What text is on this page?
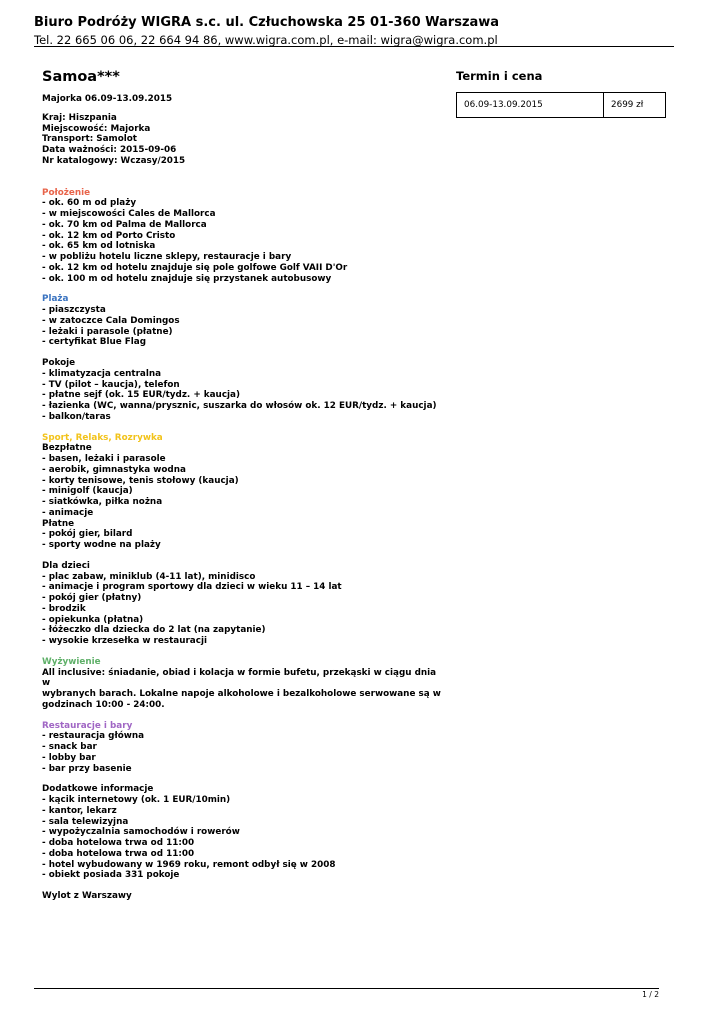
Biuro Podróży WIGRA s.c. ul. Człuchowska 25 01-360 Warszawa
Tel. 22 665 06 06, 22 664 94 86, www.wigra.com.pl, e-mail: wigra@wigra.com.pl
Samoa***

Majorka 06.09-13.09.2015

Kraj: Hiszpania

Miejscowość: Majorka

Transport: Samolot

Data ważności: 2015-09-06

Nr katalogowy: Wczasy/2015

Położenie

- ok. 60 m od plaży

- w miejscowości Cales de Mallorca

- ok. 70 km od Palma de Mallorca

- ok. 12 km od Porto Cristo

- ok. 65 km od lotniska

- w pobliżu hotelu liczne sklepy, restauracje i bary

- ok. 12 km od hotelu znajduje się pole golfowe Golf VAII D'Or

- ok. 100 m od hotelu znajduje się przystanek autobusowy

Plaża

- piaszczysta

- w zatoczce Cala Domingos

- leżaki i parasole (płatne)

- certyfikat Blue Flag

Pokoje

- klimatyzacja centralna

- TV (pilot – kaucja), telefon

- płatne sejf (ok. 15 EUR/tydz. + kaucja)

- łazienka (WC, wanna/prysznic, suszarka do włosów ok. 12 EUR/tydz. + kaucja)

- balkon/taras

Sport, Relaks, Rozrywka

Bezpłatne

- basen, leżaki i parasole

- aerobik, gimnastyka wodna

- korty tenisowe, tenis stołowy (kaucja)

- minigolf (kaucja)

- siatkówka, piłka nożna

- animacje

Płatne

- pokój gier, bilard

- sporty wodne na plaży

Dla dzieci

- plac zabaw, miniklub (4-11 lat), minidisco

- animacje i program sportowy dla dzieci w wieku 11 – 14 lat

- pokój gier (płatny)

- brodzik

- opiekunka (płatna)

- łóżeczko dla dziecka do 2 lat (na zapytanie)

- wysokie krzesełka w restauracji

Wyżywienie

All inclusive: śniadanie, obiad i kolacja w formie bufetu, przekąski w ciągu dnia w

wybranych barach. Lokalne napoje alkoholowe i bezalkoholowe serwowane są w

godzinach 10:00 - 24:00.

Restauracje i bary

- restauracja główna

- snack bar

- lobby bar

- bar przy basenie

Dodatkowe informacje

- kącik internetowy (ok. 1 EUR/10min)

- kantor, lekarz

- sala telewizyjna

- wypożyczalnia samochodów i rowerów

- doba hotelowa trwa od 11:00

- doba hotelowa trwa od 11:00

- hotel wybudowany w 1969 roku, remont odbył się w 2008

- obiekt posiada 331 pokoje

Wylot z Warszawy

Termin i cena
06.09-13.09.2015	2699 zł
1 / 2
